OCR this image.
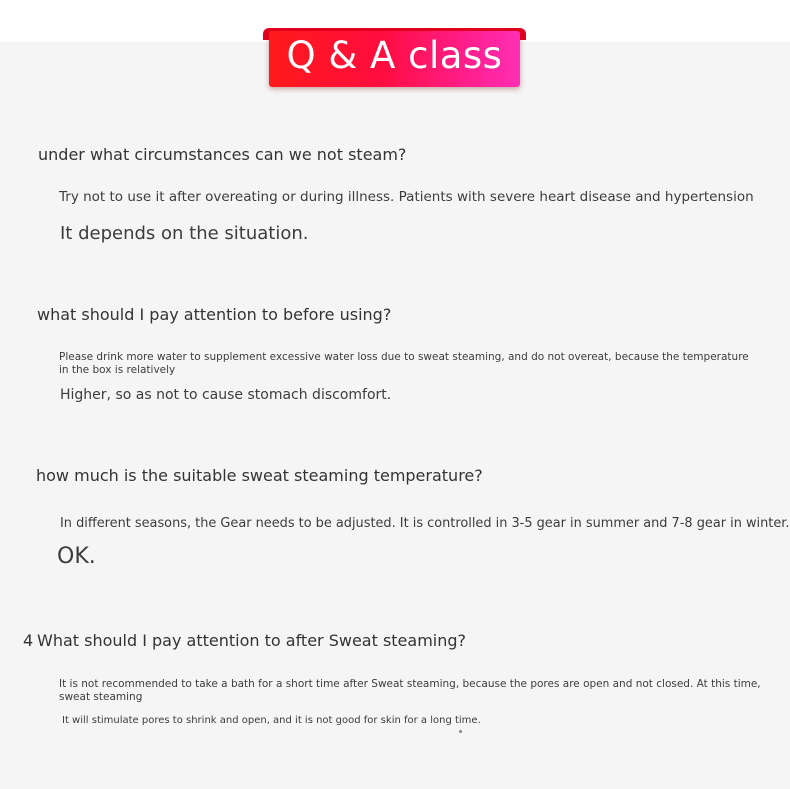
Q & A class
under what circumstances can we not steam?
Try not to use it after overeating or during illness. Patients with severe heart disease and hypertension
It depends on the situation.
what should I pay attention to before using?
Please drink more water to supplement excessive water loss due to sweat steaming, and do not overeat, because the temperature in the box is relatively
Higher, so as not to cause stomach discomfort.
how much is the suitable sweat steaming temperature?
In different seasons, the Gear needs to be adjusted. It is controlled in 3-5 gear in summer and 7-8 gear in winter.
OK.
4 What should I pay attention to after Sweat steaming?
It is not recommended to take a bath for a short time after Sweat steaming, because the pores are open and not closed. At this time, sweat steaming
It will stimulate pores to shrink and open, and it is not good for skin for a long time.
